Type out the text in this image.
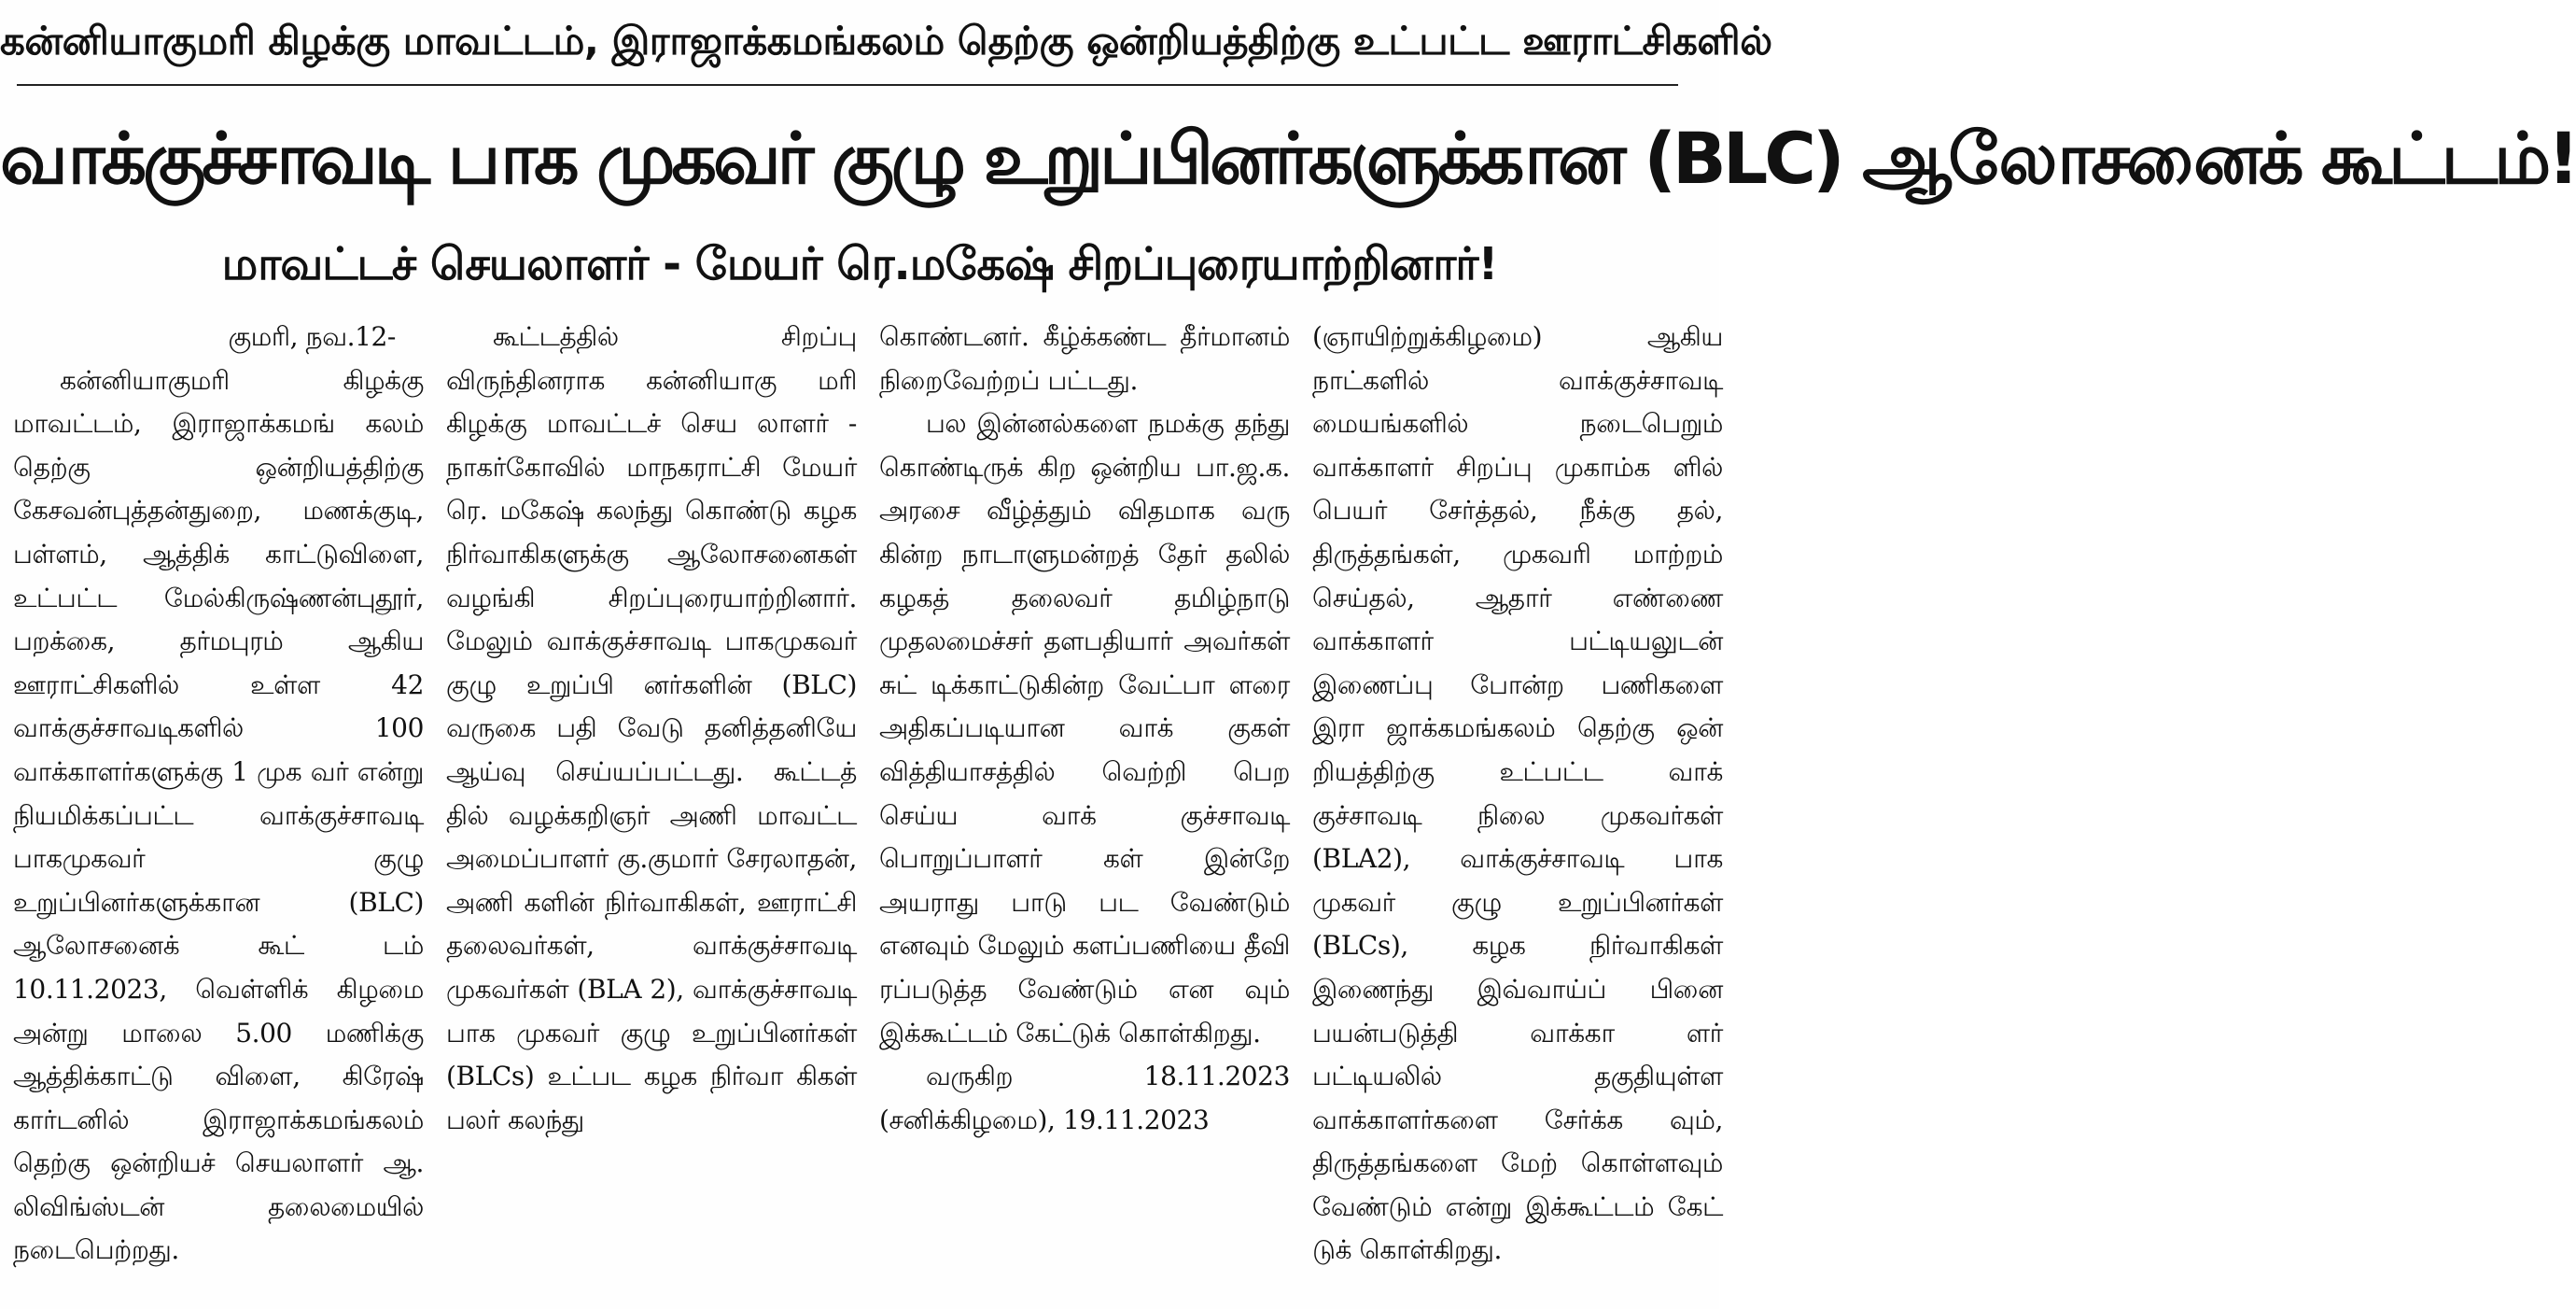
கன்னியாகுமரி கிழக்கு மாவட்டம், இராஜாக்கமங்கலம் தெற்கு ஒன்றியத்திற்கு உட்பட்ட ஊராட்சிகளில்
வாக்குச்சாவடி பாக முகவர் குழு உறுப்பினர்களுக்கான (BLC) ஆலோசனைக் கூட்டம்!
மாவட்டச் செயலாளர் - மேயர் ரெ.மகேஷ் சிறப்புரையாற்றினார்!

குமரி, நவ.12-

கன்னியாகுமரி கிழக்கு மாவட்டம், இராஜாக்கமங் கலம் தெற்கு ஒன்றியத்திற்கு கேசவன்புத்தன்துறை, மணக்குடி, பள்ளம், ஆத்திக் காட்டுவிளை, உட்பட்ட மேல்கிருஷ்ணன்புதூர், பறக்கை, தர்மபுரம் ஆகிய ஊராட்சிகளில் உள்ள 42 வாக்குச்சாவடிகளில் 100 வாக்காளர்களுக்கு 1 முக வர் என்று நியமிக்கப்பட்ட வாக்குச்சாவடி பாகமுகவர் குழு உறுப்பினர்களுக்கான (BLC) ஆலோசனைக் கூட் டம் 10.11.2023, வெள்ளிக் கிழமை அன்று மாலை 5.00 மணிக்கு ஆத்திக்காட்டு விளை, கிரேஷ் கார்டனில் இராஜாக்கமங்கலம் தெற்கு ஒன்றியச் செயலாளர் ஆ. லிவிங்ஸ்டன் தலைமையில் நடைபெற்றது.

கூட்டத்தில் சிறப்பு விருந்தினராக கன்னியாகு மரி கிழக்கு மாவட்டச் செய லாளர் - நாகர்கோவில் மாநகராட்சி மேயர் ரெ. மகேஷ் கலந்து கொண்டு கழக நிர்வாகிகளுக்கு ஆலோசனைகள் வழங்கி சிறப்புரையாற்றினார். மேலும் வாக்குச்சாவடி பாகமுகவர் குழு உறுப்பி னர்களின் (BLC) வருகை பதி வேடு தனித்தனியே ஆய்வு செய்யப்பட்டது. கூட்டத் தில் வழக்கறிஞர் அணி மாவட்ட அமைப்பாளர் கு.குமார் சேரலாதன், அணி களின் நிர்வாகிகள், ஊராட்சி தலைவர்கள், வாக்குச்சாவடி முகவர்கள் (BLA 2), வாக்குச்சாவடி பாக முகவர் குழு உறுப்பினர்கள் (BLCs) உட்பட கழக நிர்வா கிகள் பலர் கலந்து

கொண்டனர். கீழ்க்கண்ட தீர்மானம் நிறைவேற்றப் பட்டது.

பல இன்னல்களை நமக்கு தந்து கொண்டிருக் கிற ஒன்றிய பா.ஜ.க. அரசை வீழ்த்தும் விதமாக வரு கின்ற நாடாளுமன்றத் தேர் தலில் கழகத் தலைவர் தமிழ்நாடு முதலமைச்சர் தளபதியார் அவர்கள் சுட் டிக்காட்டுகின்ற வேட்பா ளரை அதிகப்படியான வாக் குகள் வித்தியாசத்தில் வெற்றி பெற செய்ய வாக் குச்சாவடி பொறுப்பாளர் கள் இன்றே அயராது பாடு பட வேண்டும் எனவும் மேலும் களப்பணியை தீவி ரப்படுத்த வேண்டும் என வும் இக்கூட்டம் கேட்டுக் கொள்கிறது.

வருகிற 18.11.2023 (சனிக்கிழமை), 19.11.2023

(ஞாயிற்றுக்கிழமை) ஆகிய நாட்களில் வாக்குச்சாவடி மையங்களில் நடைபெறும் வாக்காளர் சிறப்பு முகாம்க ளில் பெயர் சேர்த்தல், நீக்கு தல், திருத்தங்கள், முகவரி மாற்றம் செய்தல், ஆதார் எண்ணை வாக்காளர் பட்டியலுடன் இணைப்பு போன்ற பணிகளை இரா ஜாக்கமங்கலம் தெற்கு ஒன் றியத்திற்கு உட்பட்ட வாக் குச்சாவடி நிலை முகவர்கள் (BLA2), வாக்குச்சாவடி பாக முகவர் குழு உறுப்பினர்கள் (BLCs), கழக நிர்வாகிகள் இணைந்து இவ்வாய்ப் பினை பயன்படுத்தி வாக்கா ளர் பட்டியலில் தகுதியுள்ள வாக்காளர்களை சேர்க்க வும், திருத்தங்களை மேற் கொள்ளவும் வேண்டும் என்று இக்கூட்டம் கேட் டுக் கொள்கிறது.
